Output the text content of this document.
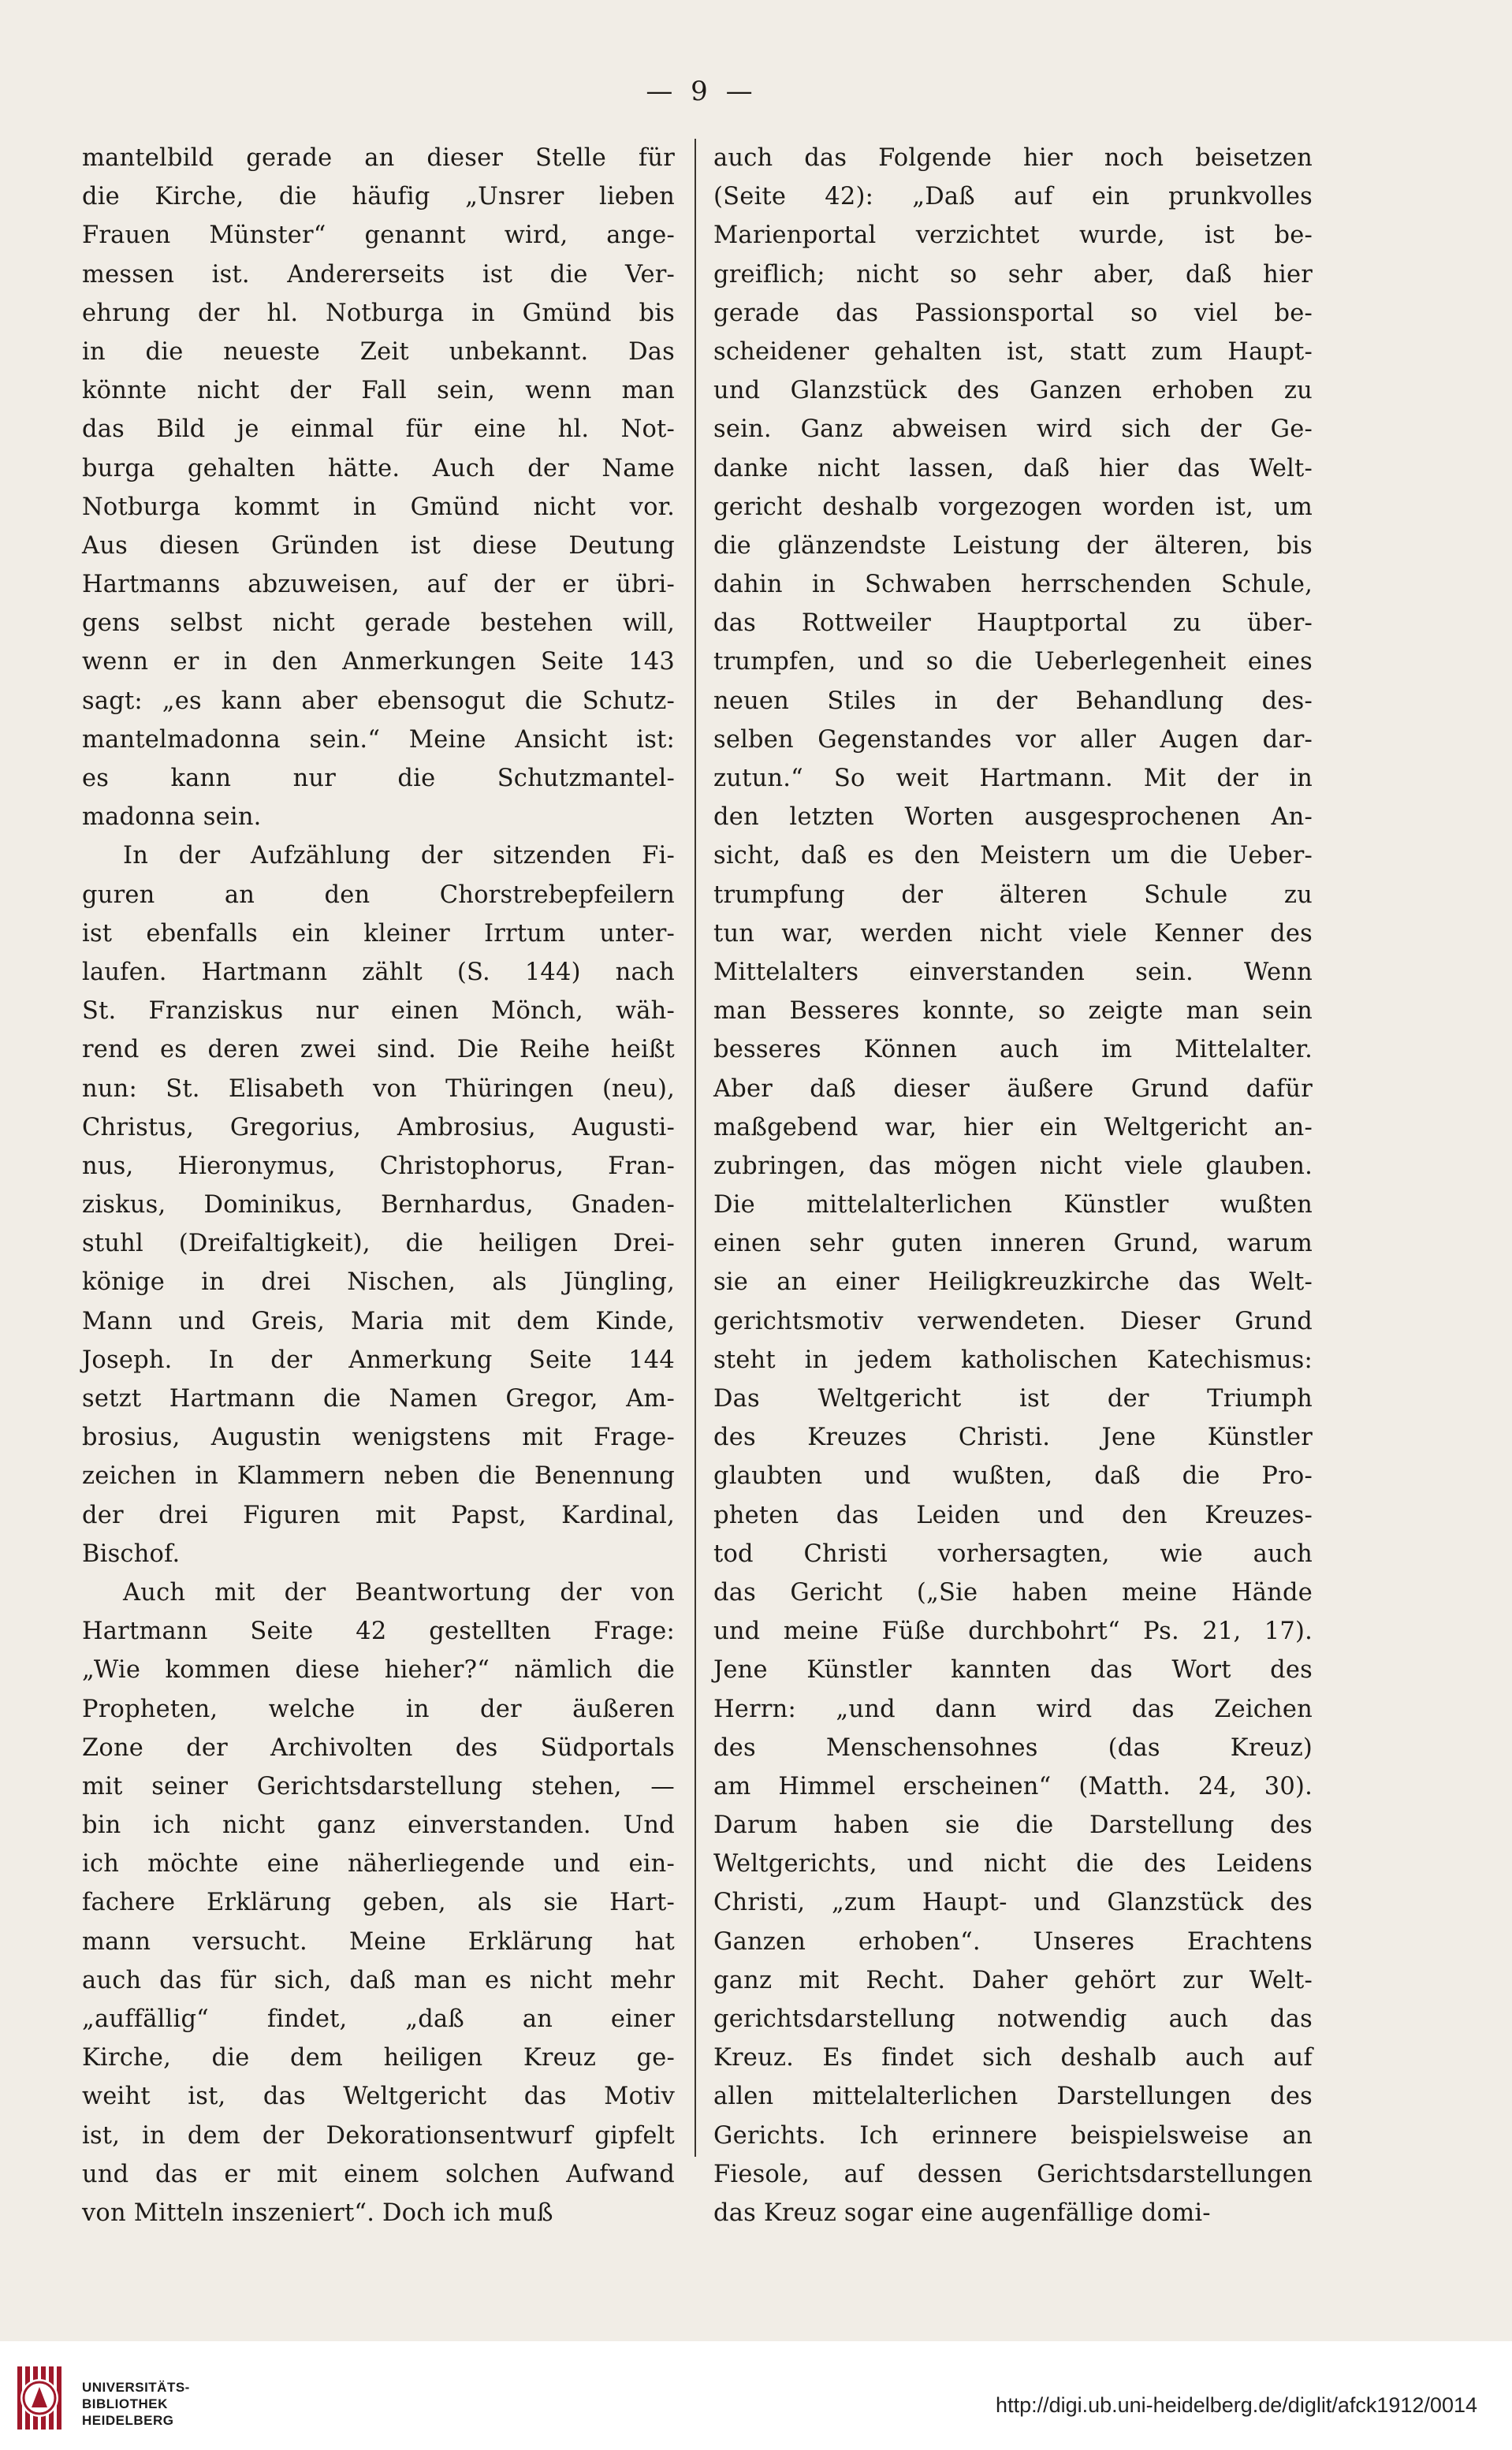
— 9 —
mantelbild gerade an dieser Stelle für
die Kirche, die häufig „Unsrer lieben
Frauen Münster“ genannt wird, ange-
messen ist. Andererseits ist die Ver-
ehrung der hl. Notburga in Gmünd bis
in die neueste Zeit unbekannt. Das
könnte nicht der Fall sein, wenn man
das Bild je einmal für eine hl. Not-
burga gehalten hätte. Auch der Name
Notburga kommt in Gmünd nicht vor.
Aus diesen Gründen ist diese Deutung
Hartmanns abzuweisen, auf der er übri-
gens selbst nicht gerade bestehen will,
wenn er in den Anmerkungen Seite 143
sagt: „es kann aber ebensogut die Schutz-
mantelmadonna sein.“ Meine Ansicht ist:
es kann nur die Schutzmantel-
madonna sein.
In der Aufzählung der sitzenden Fi-
guren an den Chorstrebepfeilern
ist ebenfalls ein kleiner Irrtum unter-
laufen. Hartmann zählt (S. 144) nach
St. Franziskus nur einen Mönch, wäh-
rend es deren zwei sind. Die Reihe heißt
nun: St. Elisabeth von Thüringen (neu),
Christus, Gregorius, Ambrosius, Augusti-
nus, Hieronymus, Christophorus, Fran-
ziskus, Dominikus, Bernhardus, Gnaden-
stuhl (Dreifaltigkeit), die heiligen Drei-
könige in drei Nischen, als Jüngling,
Mann und Greis, Maria mit dem Kinde,
Joseph. In der Anmerkung Seite 144
setzt Hartmann die Namen Gregor, Am-
brosius, Augustin wenigstens mit Frage-
zeichen in Klammern neben die Benennung
der drei Figuren mit Papst, Kardinal,
Bischof.
Auch mit der Beantwortung der von
Hartmann Seite 42 gestellten Frage:
„Wie kommen diese hieher?“ nämlich die
Propheten, welche in der äußeren
Zone der Archivolten des Südportals
mit seiner Gerichtsdarstellung stehen, —
bin ich nicht ganz einverstanden. Und
ich möchte eine näherliegende und ein-
fachere Erklärung geben, als sie Hart-
mann versucht. Meine Erklärung hat
auch das für sich, daß man es nicht mehr
„auffällig“ findet, „daß an einer
Kirche, die dem heiligen Kreuz ge-
weiht ist, das Weltgericht das Motiv
ist, in dem der Dekorationsentwurf gipfelt
und das er mit einem solchen Aufwand
von Mitteln inszeniert“. Doch ich muß
auch das Folgende hier noch beisetzen
(Seite 42): „Daß auf ein prunkvolles
Marienportal verzichtet wurde, ist be-
greiflich; nicht so sehr aber, daß hier
gerade das Passionsportal so viel be-
scheidener gehalten ist, statt zum Haupt-
und Glanzstück des Ganzen erhoben zu
sein. Ganz abweisen wird sich der Ge-
danke nicht lassen, daß hier das Welt-
gericht deshalb vorgezogen worden ist, um
die glänzendste Leistung der älteren, bis
dahin in Schwaben herrschenden Schule,
das Rottweiler Hauptportal zu über-
trumpfen, und so die Ueberlegenheit eines
neuen Stiles in der Behandlung des-
selben Gegenstandes vor aller Augen dar-
zutun.“ So weit Hartmann. Mit der in
den letzten Worten ausgesprochenen An-
sicht, daß es den Meistern um die Ueber-
trumpfung der älteren Schule zu
tun war, werden nicht viele Kenner des
Mittelalters einverstanden sein. Wenn
man Besseres konnte, so zeigte man sein
besseres Können auch im Mittelalter.
Aber daß dieser äußere Grund dafür
maßgebend war, hier ein Weltgericht an-
zubringen, das mögen nicht viele glauben.
Die mittelalterlichen Künstler wußten
einen sehr guten inneren Grund, warum
sie an einer Heiligkreuzkirche das Welt-
gerichtsmotiv verwendeten. Dieser Grund
steht in jedem katholischen Katechismus:
Das Weltgericht ist der Triumph
des Kreuzes Christi. Jene Künstler
glaubten und wußten, daß die Pro-
pheten das Leiden und den Kreuzes-
tod Christi vorhersagten, wie auch
das Gericht („Sie haben meine Hände
und meine Füße durchbohrt“ Ps. 21, 17).
Jene Künstler kannten das Wort des
Herrn: „und dann wird das Zeichen
des Menschensohnes (das Kreuz)
am Himmel erscheinen“ (Matth. 24, 30).
Darum haben sie die Darstellung des
Weltgerichts, und nicht die des Leidens
Christi, „zum Haupt- und Glanzstück des
Ganzen erhoben“. Unseres Erachtens
ganz mit Recht. Daher gehört zur Welt-
gerichtsdarstellung notwendig auch das
Kreuz. Es findet sich deshalb auch auf
allen mittelalterlichen Darstellungen des
Gerichts. Ich erinnere beispielsweise an
Fiesole, auf dessen Gerichtsdarstellungen
das Kreuz sogar eine augenfällige domi-
UNIVERSITÄTS-
BIBLIOTHEK
HEIDELBERG
http://digi.ub.uni-heidelberg.de/diglit/afck1912/0014
